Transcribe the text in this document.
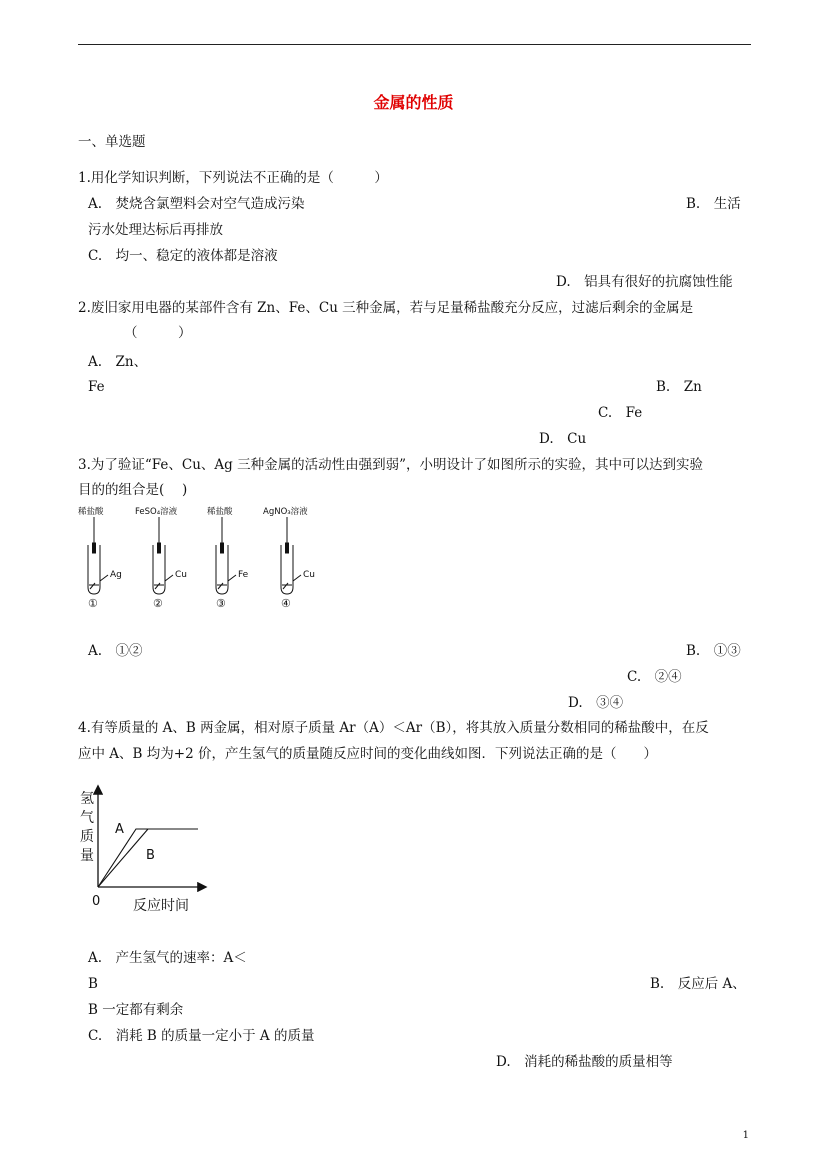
金属的性质
一、单选题
1.用化学知识判断，下列说法不正确的是（　　　）
A.　焚烧含氯塑料会对空气造成污染	B.　生活
污水处理达标后再排放
C.　均一、稳定的液体都是溶液
D.　铝具有很好的抗腐蚀性能
2.废旧家用电器的某部件含有 Zn、Fe、Cu 三种金属，若与足量稀盐酸充分反应，过滤后剩余的金属是
（　　　）
A.　Zn、
Fe	B.　Zn
C.　Fe
D.　Cu
3.为了验证“Fe、Cu、Ag 三种金属的活动性由强到弱”，小明设计了如图所示的实验，其中可以达到实验
目的的组合是(　 )
稀盐酸	FeSO₄溶液	稀盐酸	AgNO₃溶液
Ag	Cu	Fe	Cu
①	②	③	④
A.　①②	B.　①③
C.　②④
D.　③④
4.有等质量的 A、B 两金属，相对原子质量 Ar（A）＜Ar（B），将其放入质量分数相同的稀盐酸中，在反
应中 A、B 均为+2 价，产生氢气的质量随反应时间的变化曲线如图．下列说法正确的是（　　）
氢
气
质
量
A
B
0 反应时间
A.　产生氢气的速率：A＜
B	B.　反应后 A、
B 一定都有剩余
C.　消耗 B 的质量一定小于 A 的质量
D.　消耗的稀盐酸的质量相等
1
